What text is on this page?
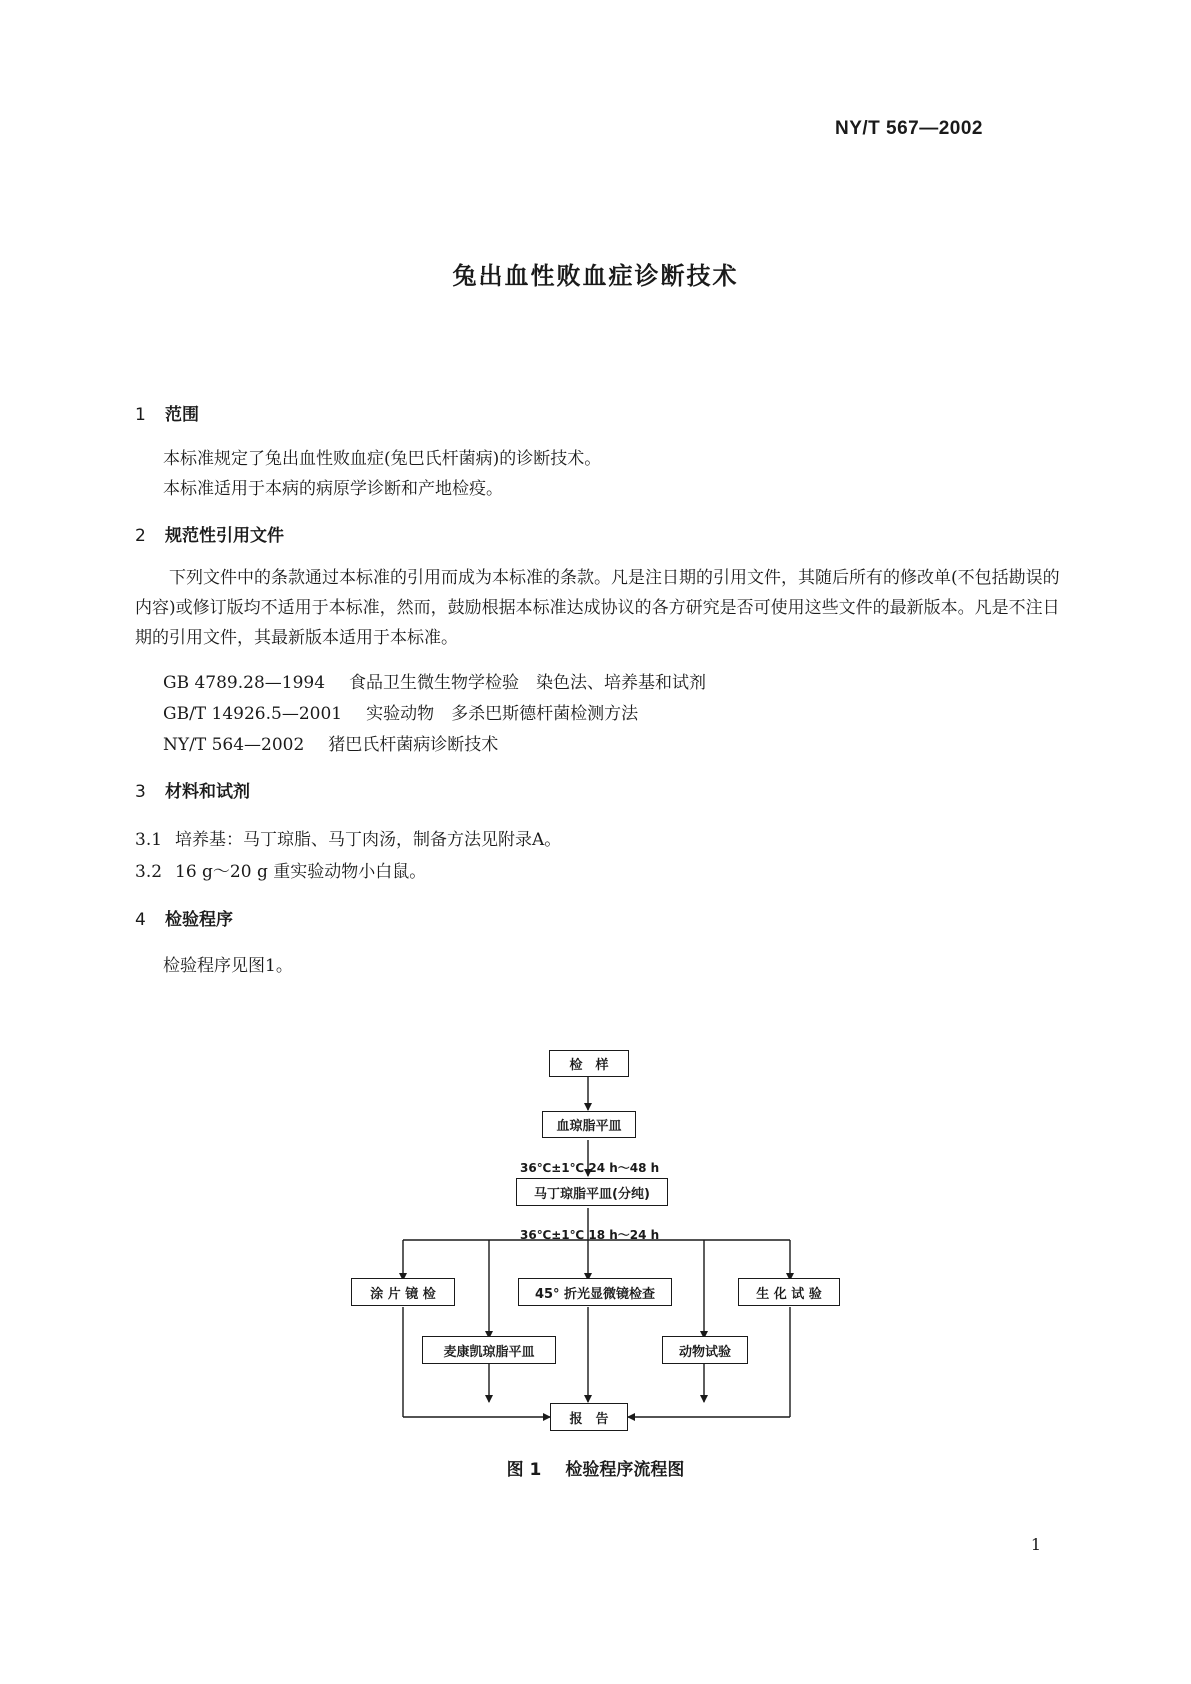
NY/T 567—2002
兔出血性败血症诊断技术
1 范围
本标准规定了兔出血性败血症(兔巴氏杆菌病)的诊断技术。
本标准适用于本病的病原学诊断和产地检疫。
2 规范性引用文件
下列文件中的条款通过本标准的引用而成为本标准的条款。凡是注日期的引用文件，其随后所有的修改单(不包括勘误的内容)或修订版均不适用于本标准，然而，鼓励根据本标准达成协议的各方研究是否可使用这些文件的最新版本。凡是不注日期的引用文件，其最新版本适用于本标准。
GB 4789.28—1994 食品卫生微生物学检验　染色法、培养基和试剂
GB/T 14926.5—2001 实验动物　多杀巴斯德杆菌检测方法
NY/T 564—2002 猪巴氏杆菌病诊断技术
3 材料和试剂
3.1 培养基：马丁琼脂、马丁肉汤，制备方法见附录A。
3.2 16 g～20 g 重实验动物小白鼠。
4 检验程序
检验程序见图1。
检　样
血琼脂平皿
36℃±1℃ 24 h～48 h
马丁琼脂平皿(分纯)
36℃±1℃ 18 h～24 h
涂 片 镜 检	45° 折光显微镜检查	生 化 试 验
麦康凯琼脂平皿	动物试验
报　告
图 1 检验程序流程图
1
